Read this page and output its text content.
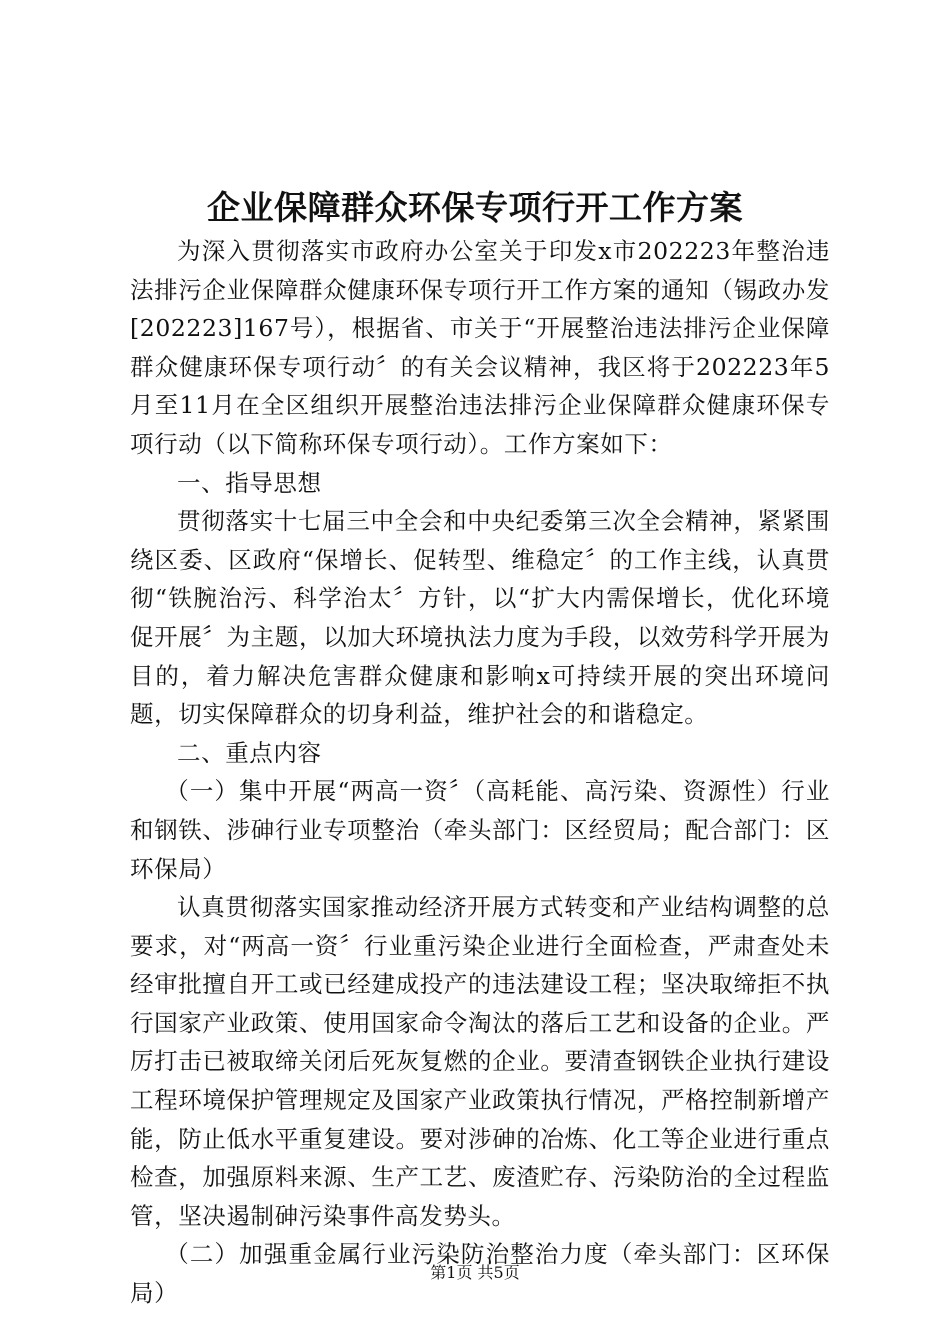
企业保障群众环保专项行开工作方案

为深入贯彻落实市政府办公室关于印发x市202223年整治违法排污企业保障群众健康环保专项行开工作方案的通知（锡政办发[202223]167号），根据省、市关于“开展整治违法排污企业保障群众健康环保专项行动〞的有关会议精神，我区将于202223年5月至11月在全区组织开展整治违法排污企业保障群众健康环保专项行动（以下简称环保专项行动）。工作方案如下：

一、指导思想

贯彻落实十七届三中全会和中央纪委第三次全会精神，紧紧围绕区委、区政府“保增长、促转型、维稳定〞的工作主线，认真贯彻“铁腕治污、科学治太〞方针，以“扩大内需保增长，优化环境促开展〞为主题，以加大环境执法力度为手段，以效劳科学开展为目的，着力解决危害群众健康和影响x可持续开展的突出环境问题，切实保障群众的切身利益，维护社会的和谐稳定。

二、重点内容

（一）集中开展“两高一资〞（高耗能、高污染、资源性）行业和钢铁、涉砷行业专项整治（牵头部门：区经贸局；配合部门：区环保局）

认真贯彻落实国家推动经济开展方式转变和产业结构调整的总要求，对“两高一资〞行业重污染企业进行全面检查，严肃查处未经审批擅自开工或已经建成投产的违法建设工程；坚决取缔拒不执行国家产业政策、使用国家命令淘汰的落后工艺和设备的企业。严厉打击已被取缔关闭后死灰复燃的企业。要清查钢铁企业执行建设工程环境保护管理规定及国家产业政策执行情况，严格控制新增产能，防止低水平重复建设。要对涉砷的冶炼、化工等企业进行重点检查，加强原料来源、生产工艺、废渣贮存、污染防治的全过程监管，坚决遏制砷污染事件高发势头。

（二）加强重金属行业污染防治整治力度（牵头部门：区环保局）

第1页 共5页
